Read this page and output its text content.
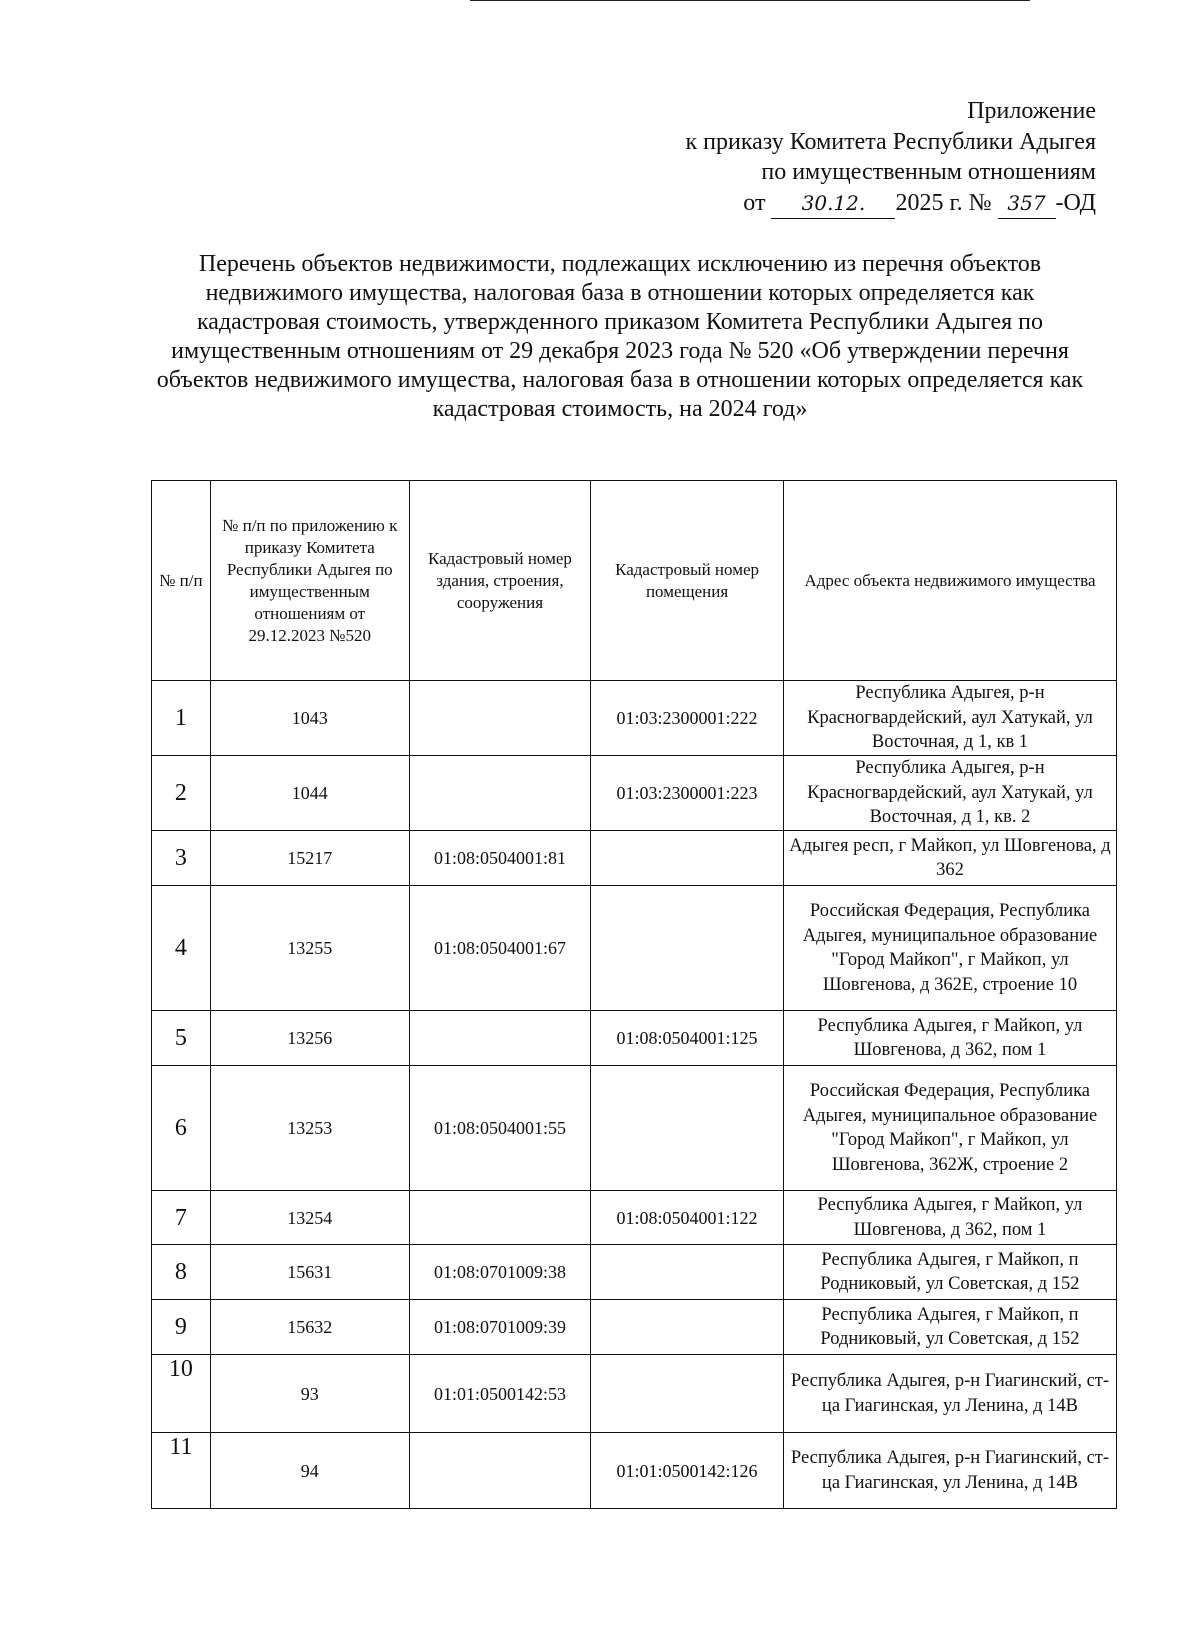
Приложение
к приказу Комитета Республики Адыгея
по имущественным отношениям
от 30.12. 2025 г. № 357 -ОД
Перечень объектов недвижимости, подлежащих исключению из перечня объектов недвижимого имущества, налоговая база в отношении которых определяется как кадастровая стоимость, утвержденного приказом Комитета Республики Адыгея по имущественным отношениям от 29 декабря 2023 года № 520 «Об утверждении перечня объектов недвижимого имущества, налоговая база в отношении которых определяется как кадастровая стоимость, на 2024 год»
№ п/п	№ п/п по приложению к приказу Комитета Республики Адыгея по имущественным отношениям от 29.12.2023 №520	Кадастровый номер здания, строения, сооружения	Кадастровый номер помещения	Адрес объекта недвижимого имущества
1	1043		01:03:2300001:222	Республика Адыгея, р-н Красногвардейский, аул Хатукай, ул Восточная, д 1, кв 1
2	1044		01:03:2300001:223	Республика Адыгея, р-н Красногвардейский, аул Хатукай, ул Восточная, д 1, кв. 2
3	15217	01:08:0504001:81		Адыгея респ, г Майкоп, ул Шовгенова, д 362
4	13255	01:08:0504001:67		Российская Федерация, Республика Адыгея, муниципальное образование "Город Майкоп", г Майкоп, ул Шовгенова, д 362Е, строение 10
5	13256		01:08:0504001:125	Республика Адыгея, г Майкоп, ул Шовгенова, д 362, пом 1
6	13253	01:08:0504001:55		Российская Федерация, Республика Адыгея, муниципальное образование "Город Майкоп", г Майкоп, ул Шовгенова, 362Ж, строение 2
7	13254		01:08:0504001:122	Республика Адыгея, г Майкоп, ул Шовгенова, д 362, пом 1
8	15631	01:08:0701009:38		Республика Адыгея, г Майкоп, п Родниковый, ул Советская, д 152
9	15632	01:08:0701009:39		Республика Адыгея, г Майкоп, п Родниковый, ул Советская, д 152
10	93	01:01:0500142:53		Республика Адыгея, р-н Гиагинский, ст-ца Гиагинская, ул Ленина, д 14В
11	94		01:01:0500142:126	Республика Адыгея, р-н Гиагинский, ст-ца Гиагинская, ул Ленина, д 14В
